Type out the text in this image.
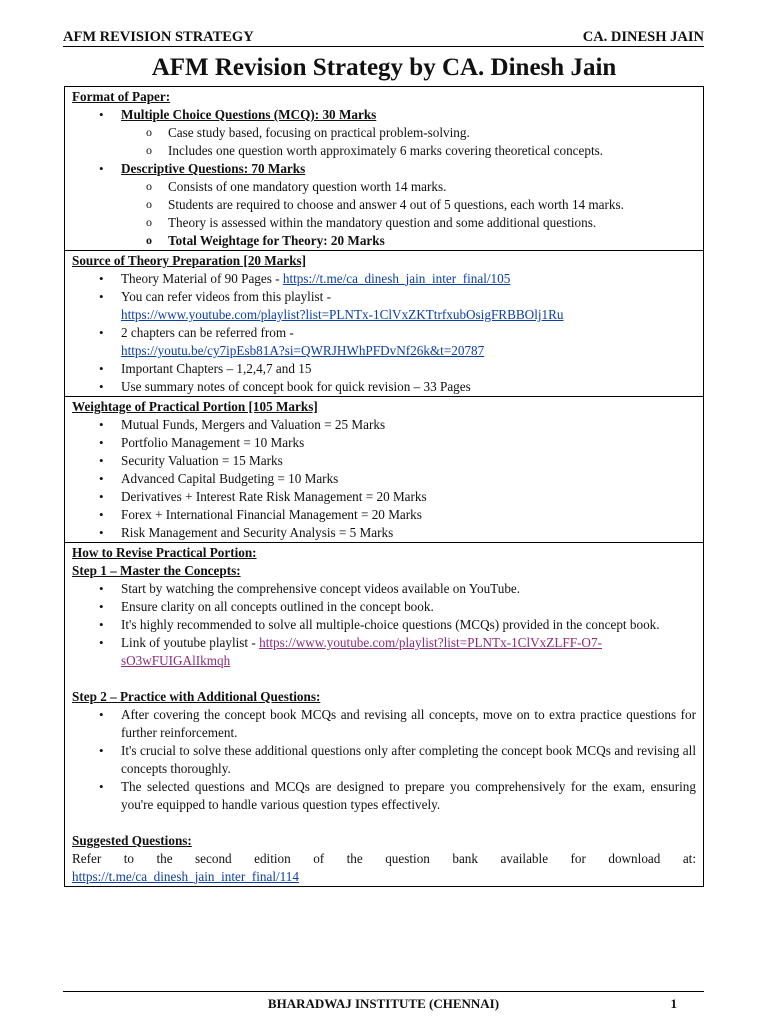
AFM REVISION STRATEGY	CA. DINESH JAIN
AFM Revision Strategy by CA. Dinesh Jain
Format of Paper:
• Multiple Choice Questions (MCQ): 30 Marks
o Case study based, focusing on practical problem-solving.
o Includes one question worth approximately 6 marks covering theoretical concepts.
• Descriptive Questions: 70 Marks
o Consists of one mandatory question worth 14 marks.
o Students are required to choose and answer 4 out of 5 questions, each worth 14 marks.
o Theory is assessed within the mandatory question and some additional questions.
o Total Weightage for Theory: 20 Marks

Source of Theory Preparation [20 Marks]
• Theory Material of 90 Pages - https://t.me/ca_dinesh_jain_inter_final/105
• You can refer videos from this playlist -
https://www.youtube.com/playlist?list=PLNTx-1ClVxZKTtrfxubOsigFRBBOlj1Ru
• 2 chapters can be referred from -
https://youtu.be/cy7ipEsb81A?si=QWRJHWhPFDvNf26k&t=20787
• Important Chapters – 1,2,4,7 and 15
• Use summary notes of concept book for quick revision – 33 Pages

Weightage of Practical Portion [105 Marks]
• Mutual Funds, Mergers and Valuation = 25 Marks
• Portfolio Management = 10 Marks
• Security Valuation = 15 Marks
• Advanced Capital Budgeting = 10 Marks
• Derivatives + Interest Rate Risk Management = 20 Marks
• Forex + International Financial Management = 20 Marks
• Risk Management and Security Analysis = 5 Marks

How to Revise Practical Portion:
Step 1 – Master the Concepts:
• Start by watching the comprehensive concept videos available on YouTube.
• Ensure clarity on all concepts outlined in the concept book.
• It's highly recommended to solve all multiple-choice questions (MCQs) provided in the concept book.
• Link of youtube playlist - https://www.youtube.com/playlist?list=PLNTx-1ClVxZLFF-O7-sO3wFUIGAlIkmqh
Step 2 – Practice with Additional Questions:
• After covering the concept book MCQs and revising all concepts, move on to extra practice questions for further reinforcement.
• It's crucial to solve these additional questions only after completing the concept book MCQs and revising all concepts thoroughly.
• The selected questions and MCQs are designed to prepare you comprehensively for the exam, ensuring you're equipped to handle various question types effectively.
Suggested Questions:
Refer to the second edition of the question bank available for download at: https://t.me/ca_dinesh_jain_inter_final/114
BHARADWAJ INSTITUTE (CHENNAI)	1
